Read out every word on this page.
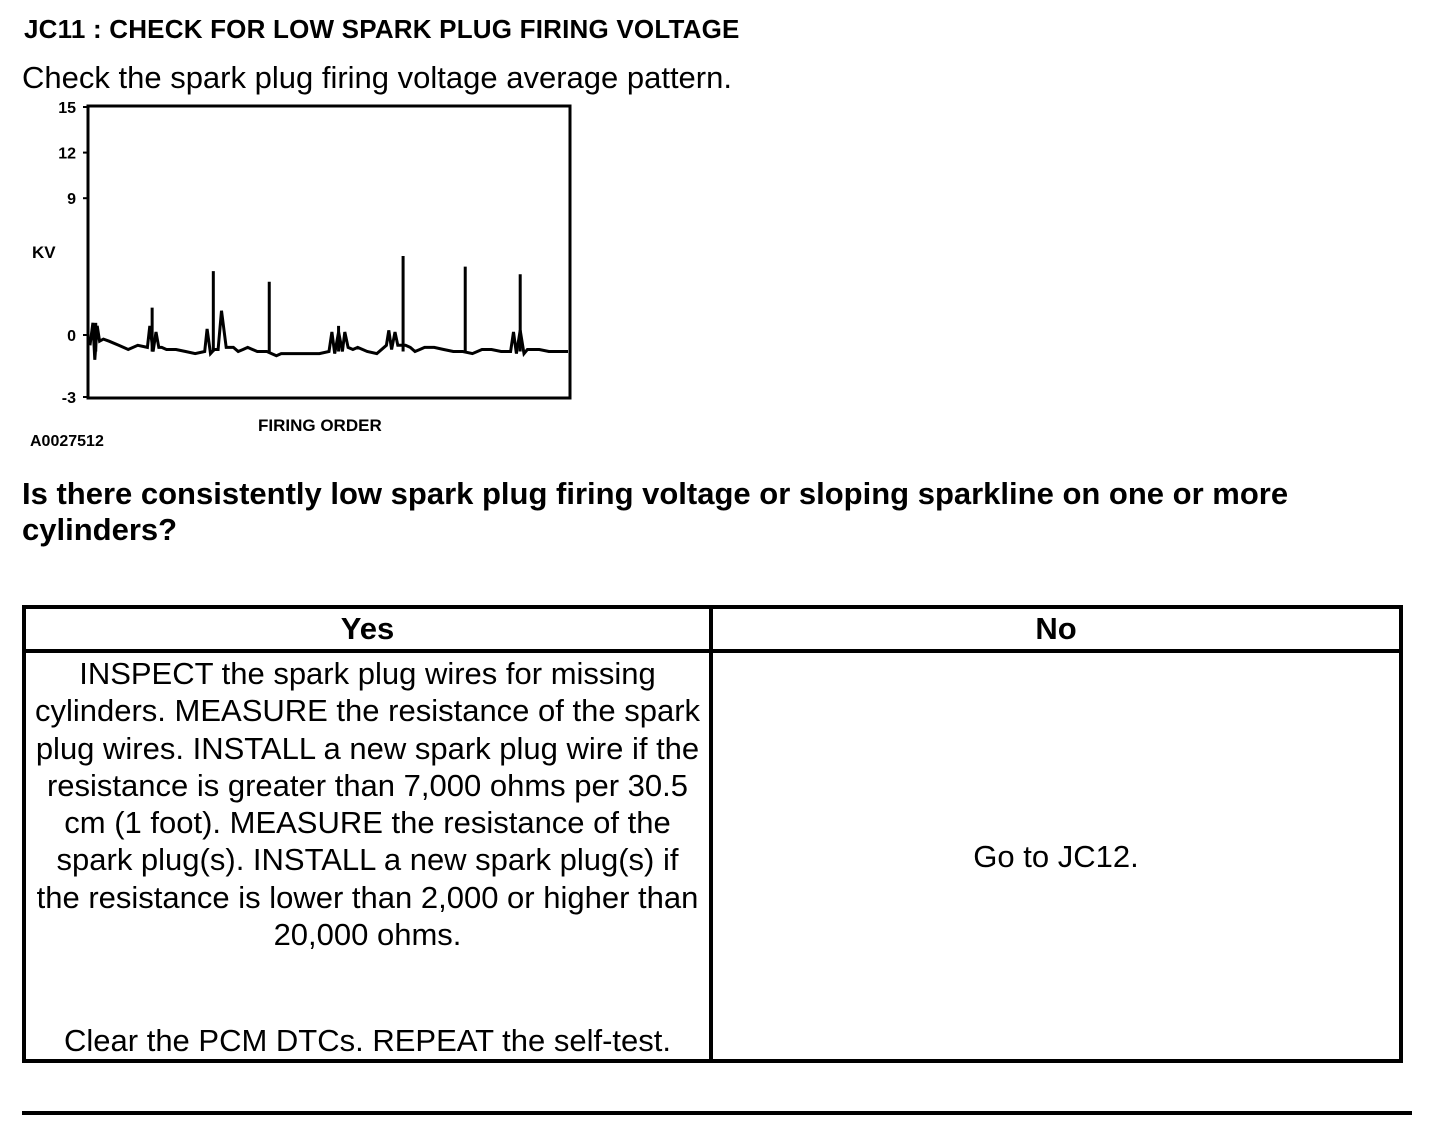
JC11 : CHECK FOR LOW SPARK PLUG FIRING VOLTAGE
Check the spark plug firing voltage average pattern.
-3
0
9
12
15
KV
FIRING ORDER
A0027512
Is there consistently low spark plug firing voltage or sloping sparkline on one or more cylinders?
Yes	No

INSPECT the spark plug wires for missing cylinders. MEASURE the resistance of the spark plug wires. INSTALL a new spark plug wire if the resistance is greater than 7,000 ohms per 30.5 cm (1 foot). MEASURE the resistance of the spark plug(s). INSTALL a new spark plug(s) if the resistance is lower than 2,000 or higher than 20,000 ohms.
Clear the PCM DTCs. REPEAT the self-test.	Go to JC12.
